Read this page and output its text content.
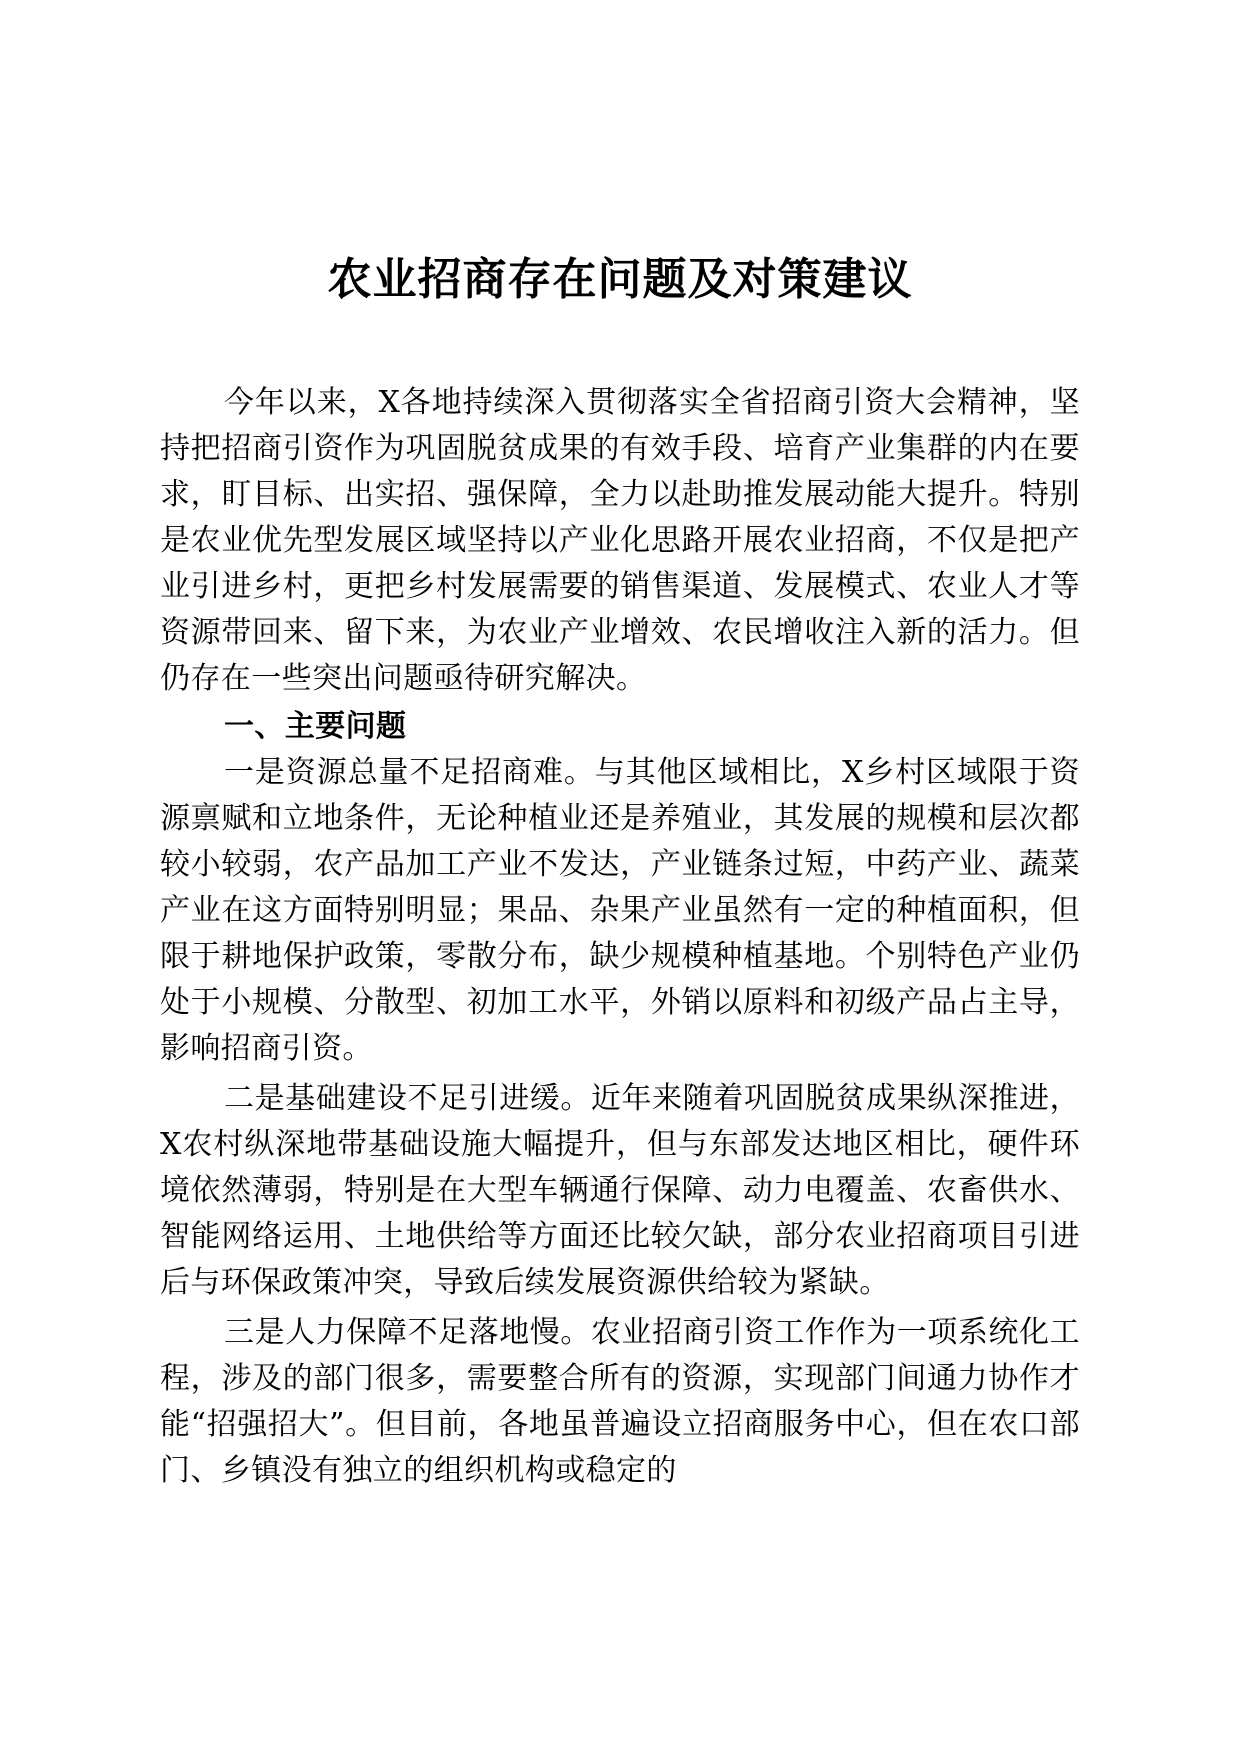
农业招商存在问题及对策建议

今年以来，X各地持续深入贯彻落实全省招商引资大会精神，坚持把招商引资作为巩固脱贫成果的有效手段、培育产业集群的内在要求，盯目标、出实招、强保障，全力以赴助推发展动能大提升。特别是农业优先型发展区域坚持以产业化思路开展农业招商，不仅是把产业引进乡村，更把乡村发展需要的销售渠道、发展模式、农业人才等资源带回来、留下来，为农业产业增效、农民增收注入新的活力。但仍存在一些突出问题亟待研究解决。

一、主要问题

一是资源总量不足招商难。与其他区域相比，X乡村区域限于资源禀赋和立地条件，无论种植业还是养殖业，其发展的规模和层次都较小较弱，农产品加工产业不发达，产业链条过短，中药产业、蔬菜产业在这方面特别明显；果品、杂果产业虽然有一定的种植面积，但限于耕地保护政策，零散分布，缺少规模种植基地。个别特色产业仍处于小规模、分散型、初加工水平，外销以原料和初级产品占主导，影响招商引资。

二是基础建设不足引进缓。近年来随着巩固脱贫成果纵深推进，X农村纵深地带基础设施大幅提升，但与东部发达地区相比，硬件环境依然薄弱，特别是在大型车辆通行保障、动力电覆盖、农畜供水、智能网络运用、土地供给等方面还比较欠缺，部分农业招商项目引进后与环保政策冲突，导致后续发展资源供给较为紧缺。

三是人力保障不足落地慢。农业招商引资工作作为一项系统化工程，涉及的部门很多，需要整合所有的资源，实现部门间通力协作才能“招强招大”。但目前，各地虽普遍设立招商服务中心，但在农口部门、乡镇没有独立的组织机构或稳定的
